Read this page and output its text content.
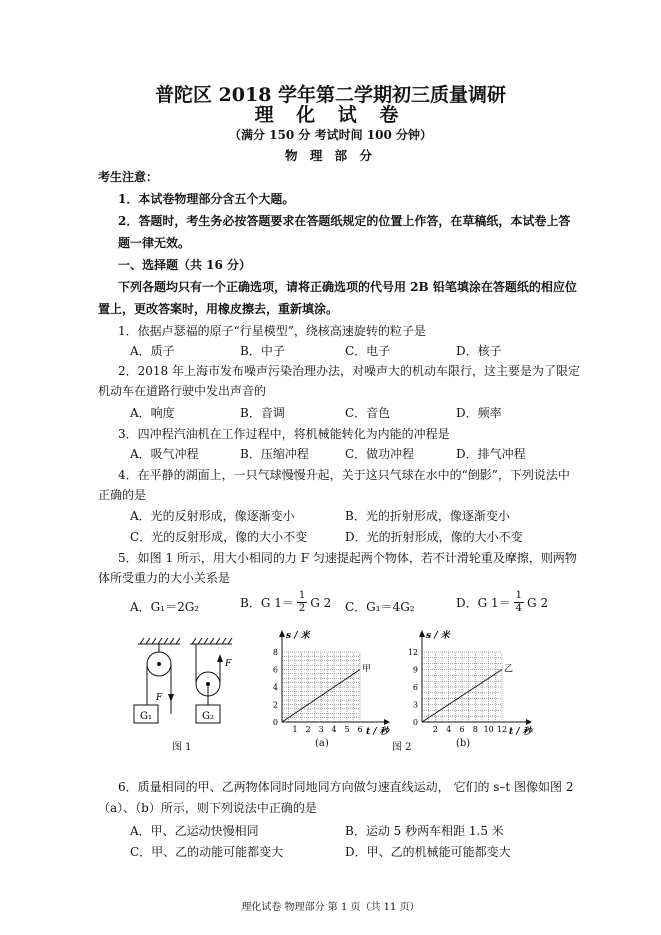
普陀区 2018 学年第二学期初三质量调研
理 化 试 卷
（满分 150 分 考试时间 100 分钟）
物 理 部 分
考生注意：
1．本试卷物理部分含五个大题。
2．答题时，考生务必按答题要求在答题纸规定的位置上作答，在草稿纸，本试卷上答
题一律无效。
一、选择题（共 16 分）
下列各题均只有一个正确选项，请将正确选项的代号用 2B 铅笔填涂在答题纸的相应位
置上，更改答案时，用橡皮擦去，重新填涂。
1．依据卢瑟福的原子“行星模型”，绕核高速旋转的粒子是
A．质子	B．中子	C．电子	D．核子
2．2018 年上海市发布噪声污染治理办法，对噪声大的机动车限行，这主要是为了限定
机动车在道路行驶中发出声音的
A．响度	B．音调	C．音色	D．频率
3．四冲程汽油机在工作过程中，将机械能转化为内能的冲程是
A．吸气冲程	B．压缩冲程	C．做功冲程	D．排气冲程
4．在平静的湖面上，一只气球慢慢升起，关于这只气球在水中的“倒影”，下列说法中
正确的是
A．光的反射形成，像逐渐变小	B．光的折射形成，像逐渐变小
C．光的反射形成，像的大小不变	D．光的折射形成，像的大小不变
5．如图 1 所示，用大小相同的力 F 匀速提起两个物体，若不计滑轮重及摩擦，则两物
体所受重力的大小关系是
A．G₁＝2G₂	B．G $1= \frac{1}{2}$ G 2 C．G₁＝4G₂	D．G $1= \frac{1}{4}$ G 2
G₁
F
G₂
F
图 1
s / 米
t / 秒
0
2
4
6
8
1 2 3 4 5 6
甲
(a)	图 2
s / 米
t / 秒
0
3
6
9
12
2 4 6 8 10 12
乙
(b)
6．质量相同的甲、乙两物体同时同地同方向做匀速直线运动， 它们的 s–t 图像如图 2
（a）、（b）所示，则下列说法中正确的是
A．甲、乙运动快慢相同	B．运动 5 秒两车相距 1.5 米
C．甲、乙的动能可能都变大	D．甲、乙的机械能可能都变大
理化试卷 物理部分 第 1 页（共 11 页）
